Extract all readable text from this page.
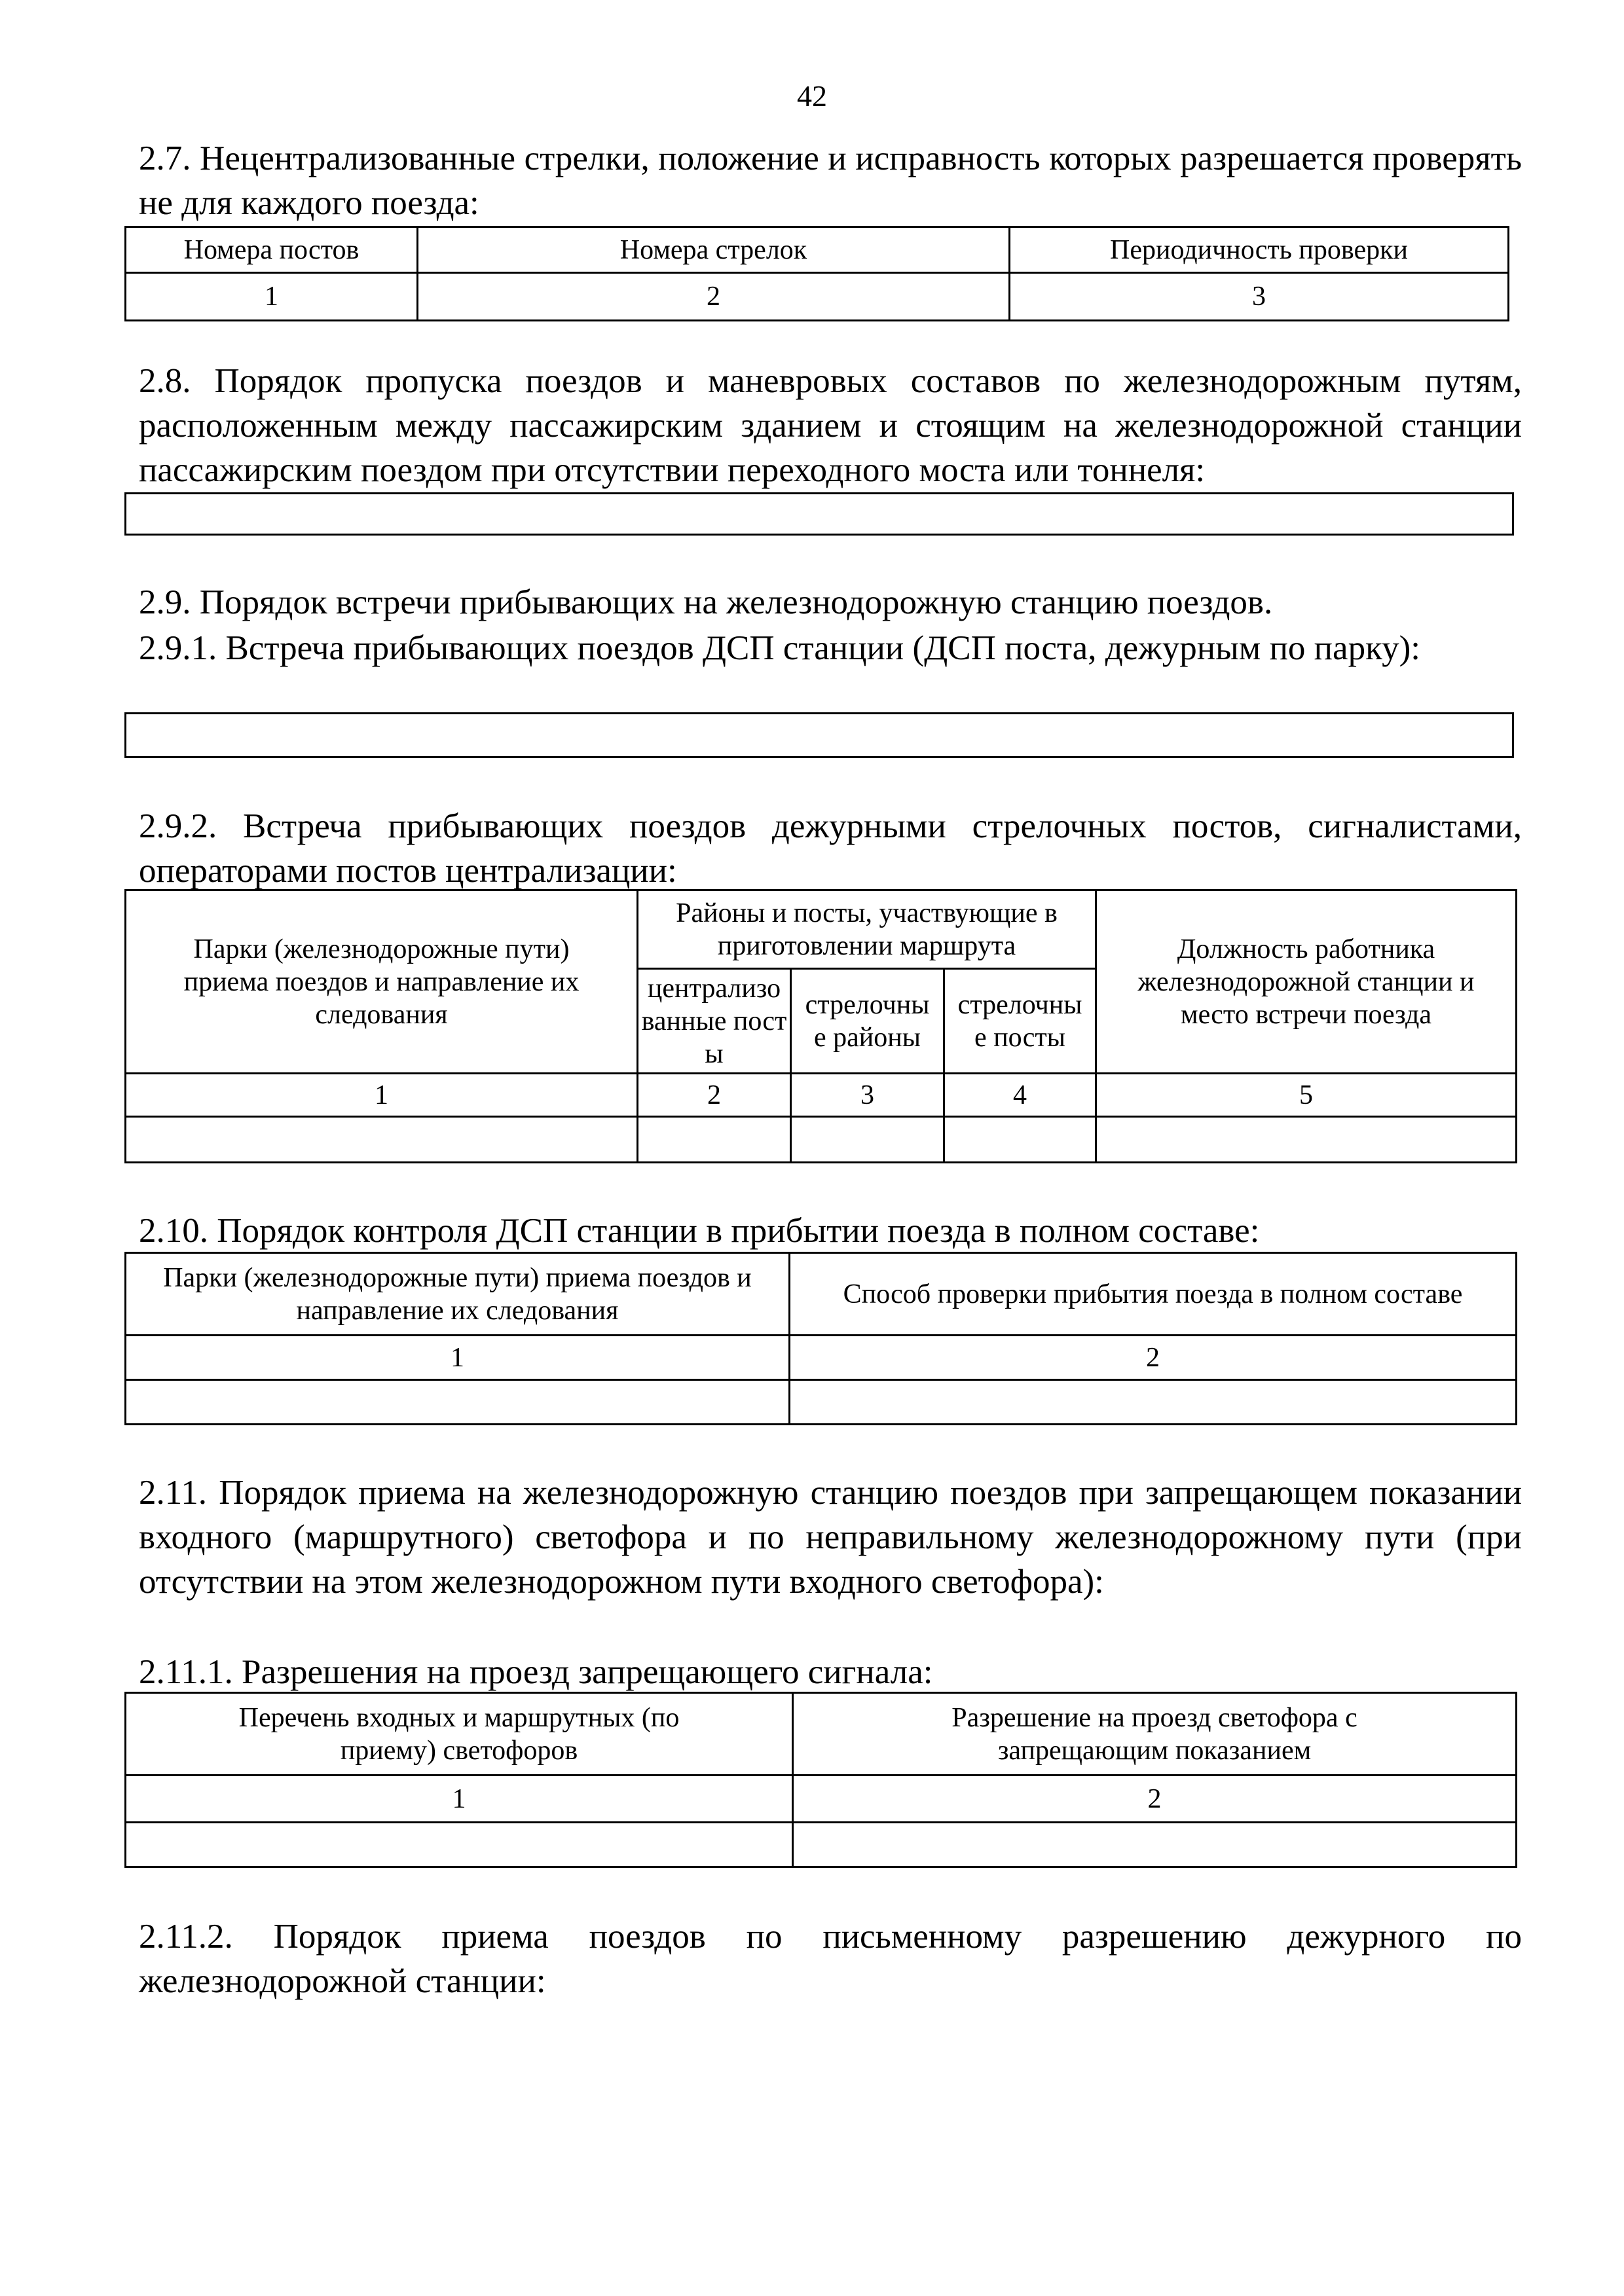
42
2.7. Нецентрализованные стрелки, положение и исправность которых разрешается проверять не для каждого поезда:
Номера постов	Номера стрелок	Периодичность проверки
1	2	3
2.8. Порядок пропуска поездов и маневровых составов по железнодорожным путям, расположенным между пассажирским зданием и стоящим на железнодорожной станции пассажирским поездом при отсутствии переходного моста или тоннеля:
2.9. Порядок встречи прибывающих на железнодорожную станцию поездов.
2.9.1. Встреча прибывающих поездов ДСП станции (ДСП поста, дежурным по парку):
2.9.2. Встреча прибывающих поездов дежурными стрелочных постов, сигналистами, операторами постов централизации:
Парки (железнодорожные пути) приема поездов и направление их следования	Районы и посты, участвующие в приготовлении маршрута			Должность работника железнодорожной станции и место встречи поезда
	централизованные посты	стрелочные районы	стрелочные посты	
1	2	3	4	5

2.10. Порядок контроля ДСП станции в прибытии поезда в полном составе:
Парки (железнодорожные пути) приема поездов и направление их следования	Способ проверки прибытия поезда в полном составе
1	2

2.11. Порядок приема на железнодорожную станцию поездов при запрещающем показании входного (маршрутного) светофора и по неправильному железнодорожному пути (при отсутствии на этом железнодорожном пути входного светофора):
2.11.1. Разрешения на проезд запрещающего сигнала:
Перечень входных и маршрутных (по приему) светофоров	Разрешение на проезд светофора с запрещающим показанием
1	2

2.11.2. Порядок приема поездов по письменному разрешению дежурного по железнодорожной станции:
